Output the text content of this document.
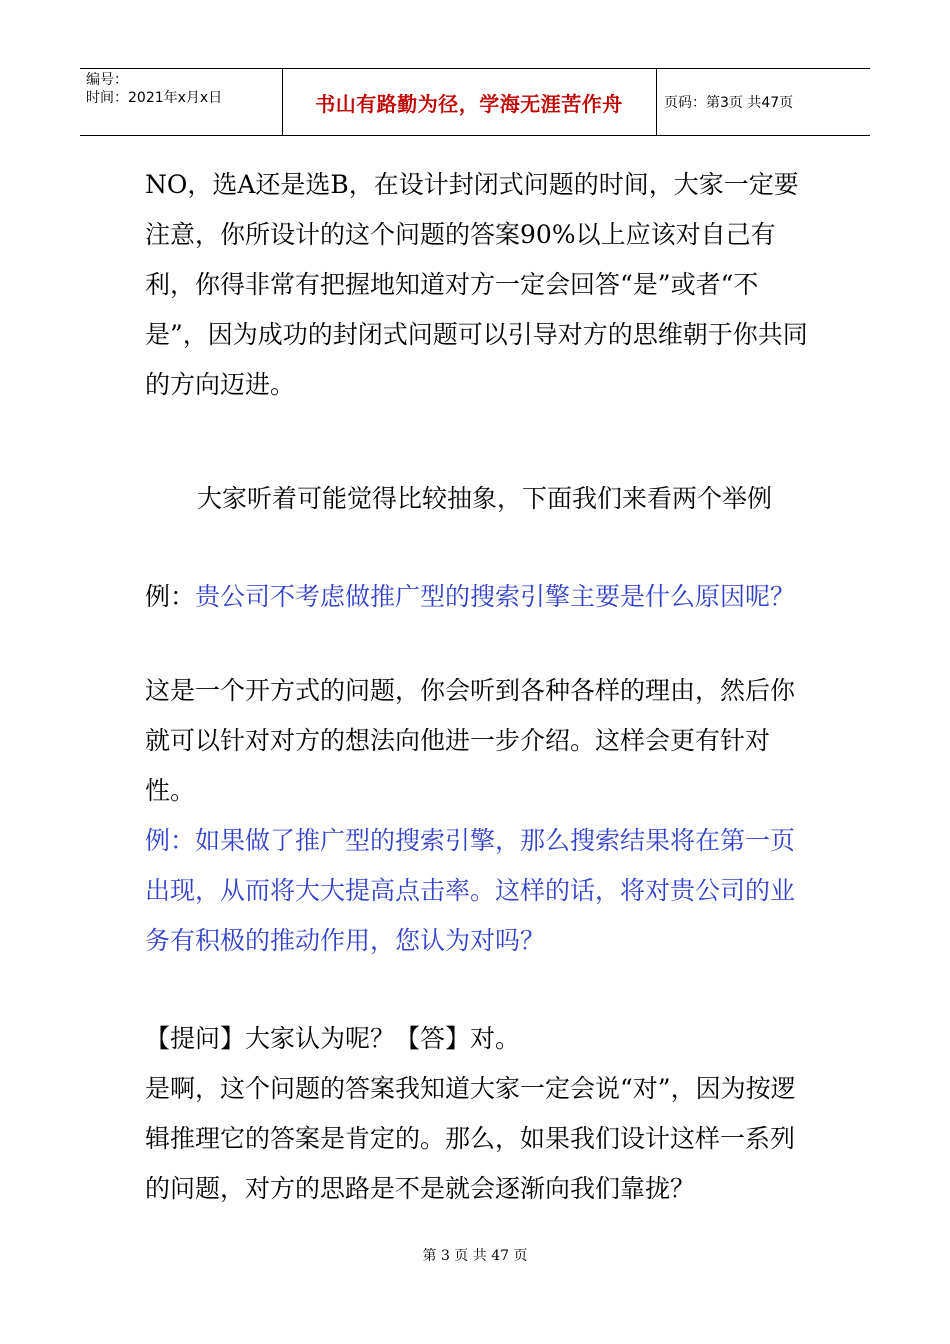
编号：
时间：2021年x月x日	书山有路勤为径，学海无涯苦作舟	页码：第3页 共47页

NO，选A还是选B，在设计封闭式问题的时间，大家一定要注意，你所设计的这个问题的答案90%以上应该对自己有利，你得非常有把握地知道对方一定会回答“是”或者“不是”，因为成功的封闭式问题可以引导对方的思维朝于你共同的方向迈进。

大家听着可能觉得比较抽象，下面我们来看两个举例

例：贵公司不考虑做推广型的搜索引擎主要是什么原因呢？

这是一个开方式的问题，你会听到各种各样的理由，然后你就可以针对对方的想法向他进一步介绍。这样会更有针对性。

例：如果做了推广型的搜索引擎，那么搜索结果将在第一页出现，从而将大大提高点击率。这样的话，将对贵公司的业务有积极的推动作用，您认为对吗？

【提问】大家认为呢？【答】对。

是啊，这个问题的答案我知道大家一定会说“对”，因为按逻辑推理它的答案是肯定的。那么，如果我们设计这样一系列的问题，对方的思路是不是就会逐渐向我们靠拢？

第 3 页 共 47 页
